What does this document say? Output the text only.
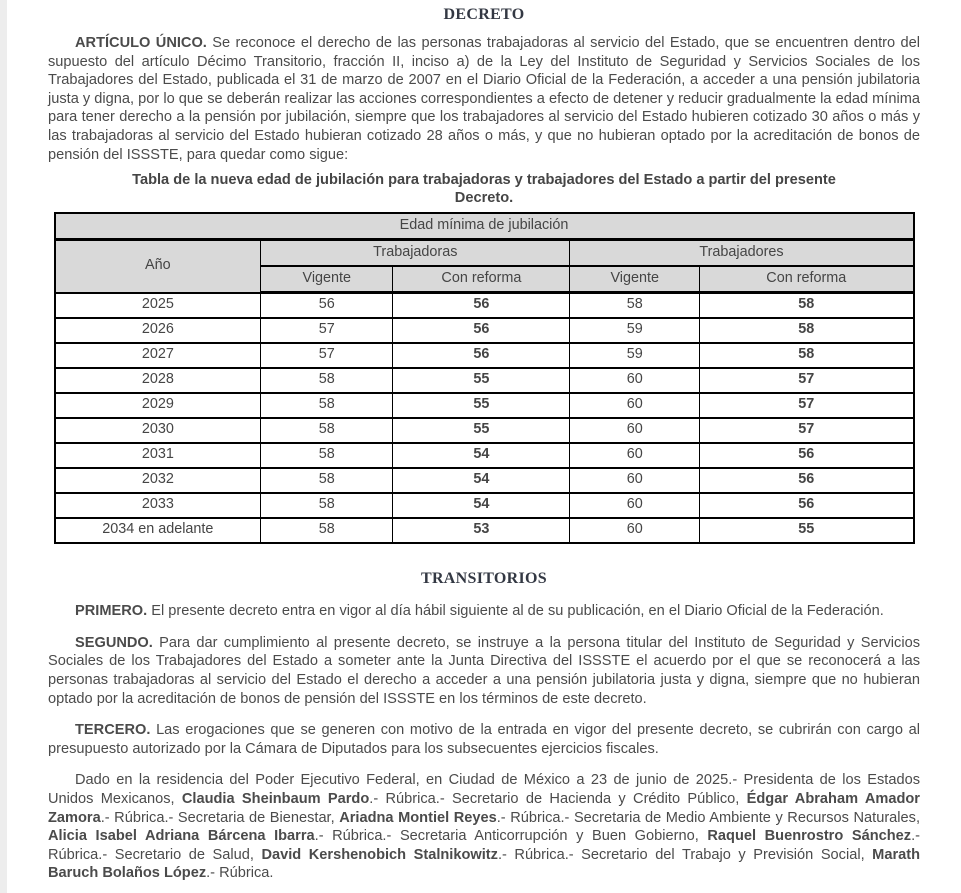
DECRETO

ARTÍCULO ÚNICO. Se reconoce el derecho de las personas trabajadoras al servicio del Estado, que se encuentren dentro del supuesto del artículo Décimo Transitorio, fracción II, inciso a) de la Ley del Instituto de Seguridad y Servicios Sociales de los Trabajadores del Estado, publicada el 31 de marzo de 2007 en el Diario Oficial de la Federación, a acceder a una pensión jubilatoria justa y digna, por lo que se deberán realizar las acciones correspondientes a efecto de detener y reducir gradualmente la edad mínima para tener derecho a la pensión por jubilación, siempre que los trabajadores al servicio del Estado hubieren cotizado 30 años o más y las trabajadoras al servicio del Estado hubieran cotizado 28 años o más, y que no hubieran optado por la acreditación de bonos de pensión del ISSSTE, para quedar como sigue:

Tabla de la nueva edad de jubilación para trabajadoras y trabajadores del Estado a partir del presente
Decreto.
Edad mínima de jubilación				
Año	Trabajadoras		Trabajadores	
	Vigente	Con reforma	Vigente	Con reforma
2025	56	56	58	58
2026	57	56	59	58
2027	57	56	59	58
2028	58	55	60	57
2029	58	55	60	57
2030	58	55	60	57
2031	58	54	60	56
2032	58	54	60	56
2033	58	54	60	56
2034 en adelante	58	53	60	55
TRANSITORIOS

PRIMERO. El presente decreto entra en vigor al día hábil siguiente al de su publicación, en el Diario Oficial de la Federación.

SEGUNDO. Para dar cumplimiento al presente decreto, se instruye a la persona titular del Instituto de Seguridad y Servicios Sociales de los Trabajadores del Estado a someter ante la Junta Directiva del ISSSTE el acuerdo por el que se reconocerá a las personas trabajadoras al servicio del Estado el derecho a acceder a una pensión jubilatoria justa y digna, siempre que no hubieran optado por la acreditación de bonos de pensión del ISSSTE en los términos de este decreto.

TERCERO. Las erogaciones que se generen con motivo de la entrada en vigor del presente decreto, se cubrirán con cargo al presupuesto autorizado por la Cámara de Diputados para los subsecuentes ejercicios fiscales.

Dado en la residencia del Poder Ejecutivo Federal, en Ciudad de México a 23 de junio de 2025.- Presidenta de los Estados Unidos Mexicanos, Claudia Sheinbaum Pardo.- Rúbrica.- Secretario de Hacienda y Crédito Público, Édgar Abraham Amador Zamora.- Rúbrica.- Secretaria de Bienestar, Ariadna Montiel Reyes.- Rúbrica.- Secretaria de Medio Ambiente y Recursos Naturales, Alicia Isabel Adriana Bárcena Ibarra.- Rúbrica.- Secretaria Anticorrupción y Buen Gobierno, Raquel Buenrostro Sánchez.- Rúbrica.- Secretario de Salud, David Kershenobich Stalnikowitz.- Rúbrica.- Secretario del Trabajo y Previsión Social, Marath Baruch Bolaños López.- Rúbrica.
